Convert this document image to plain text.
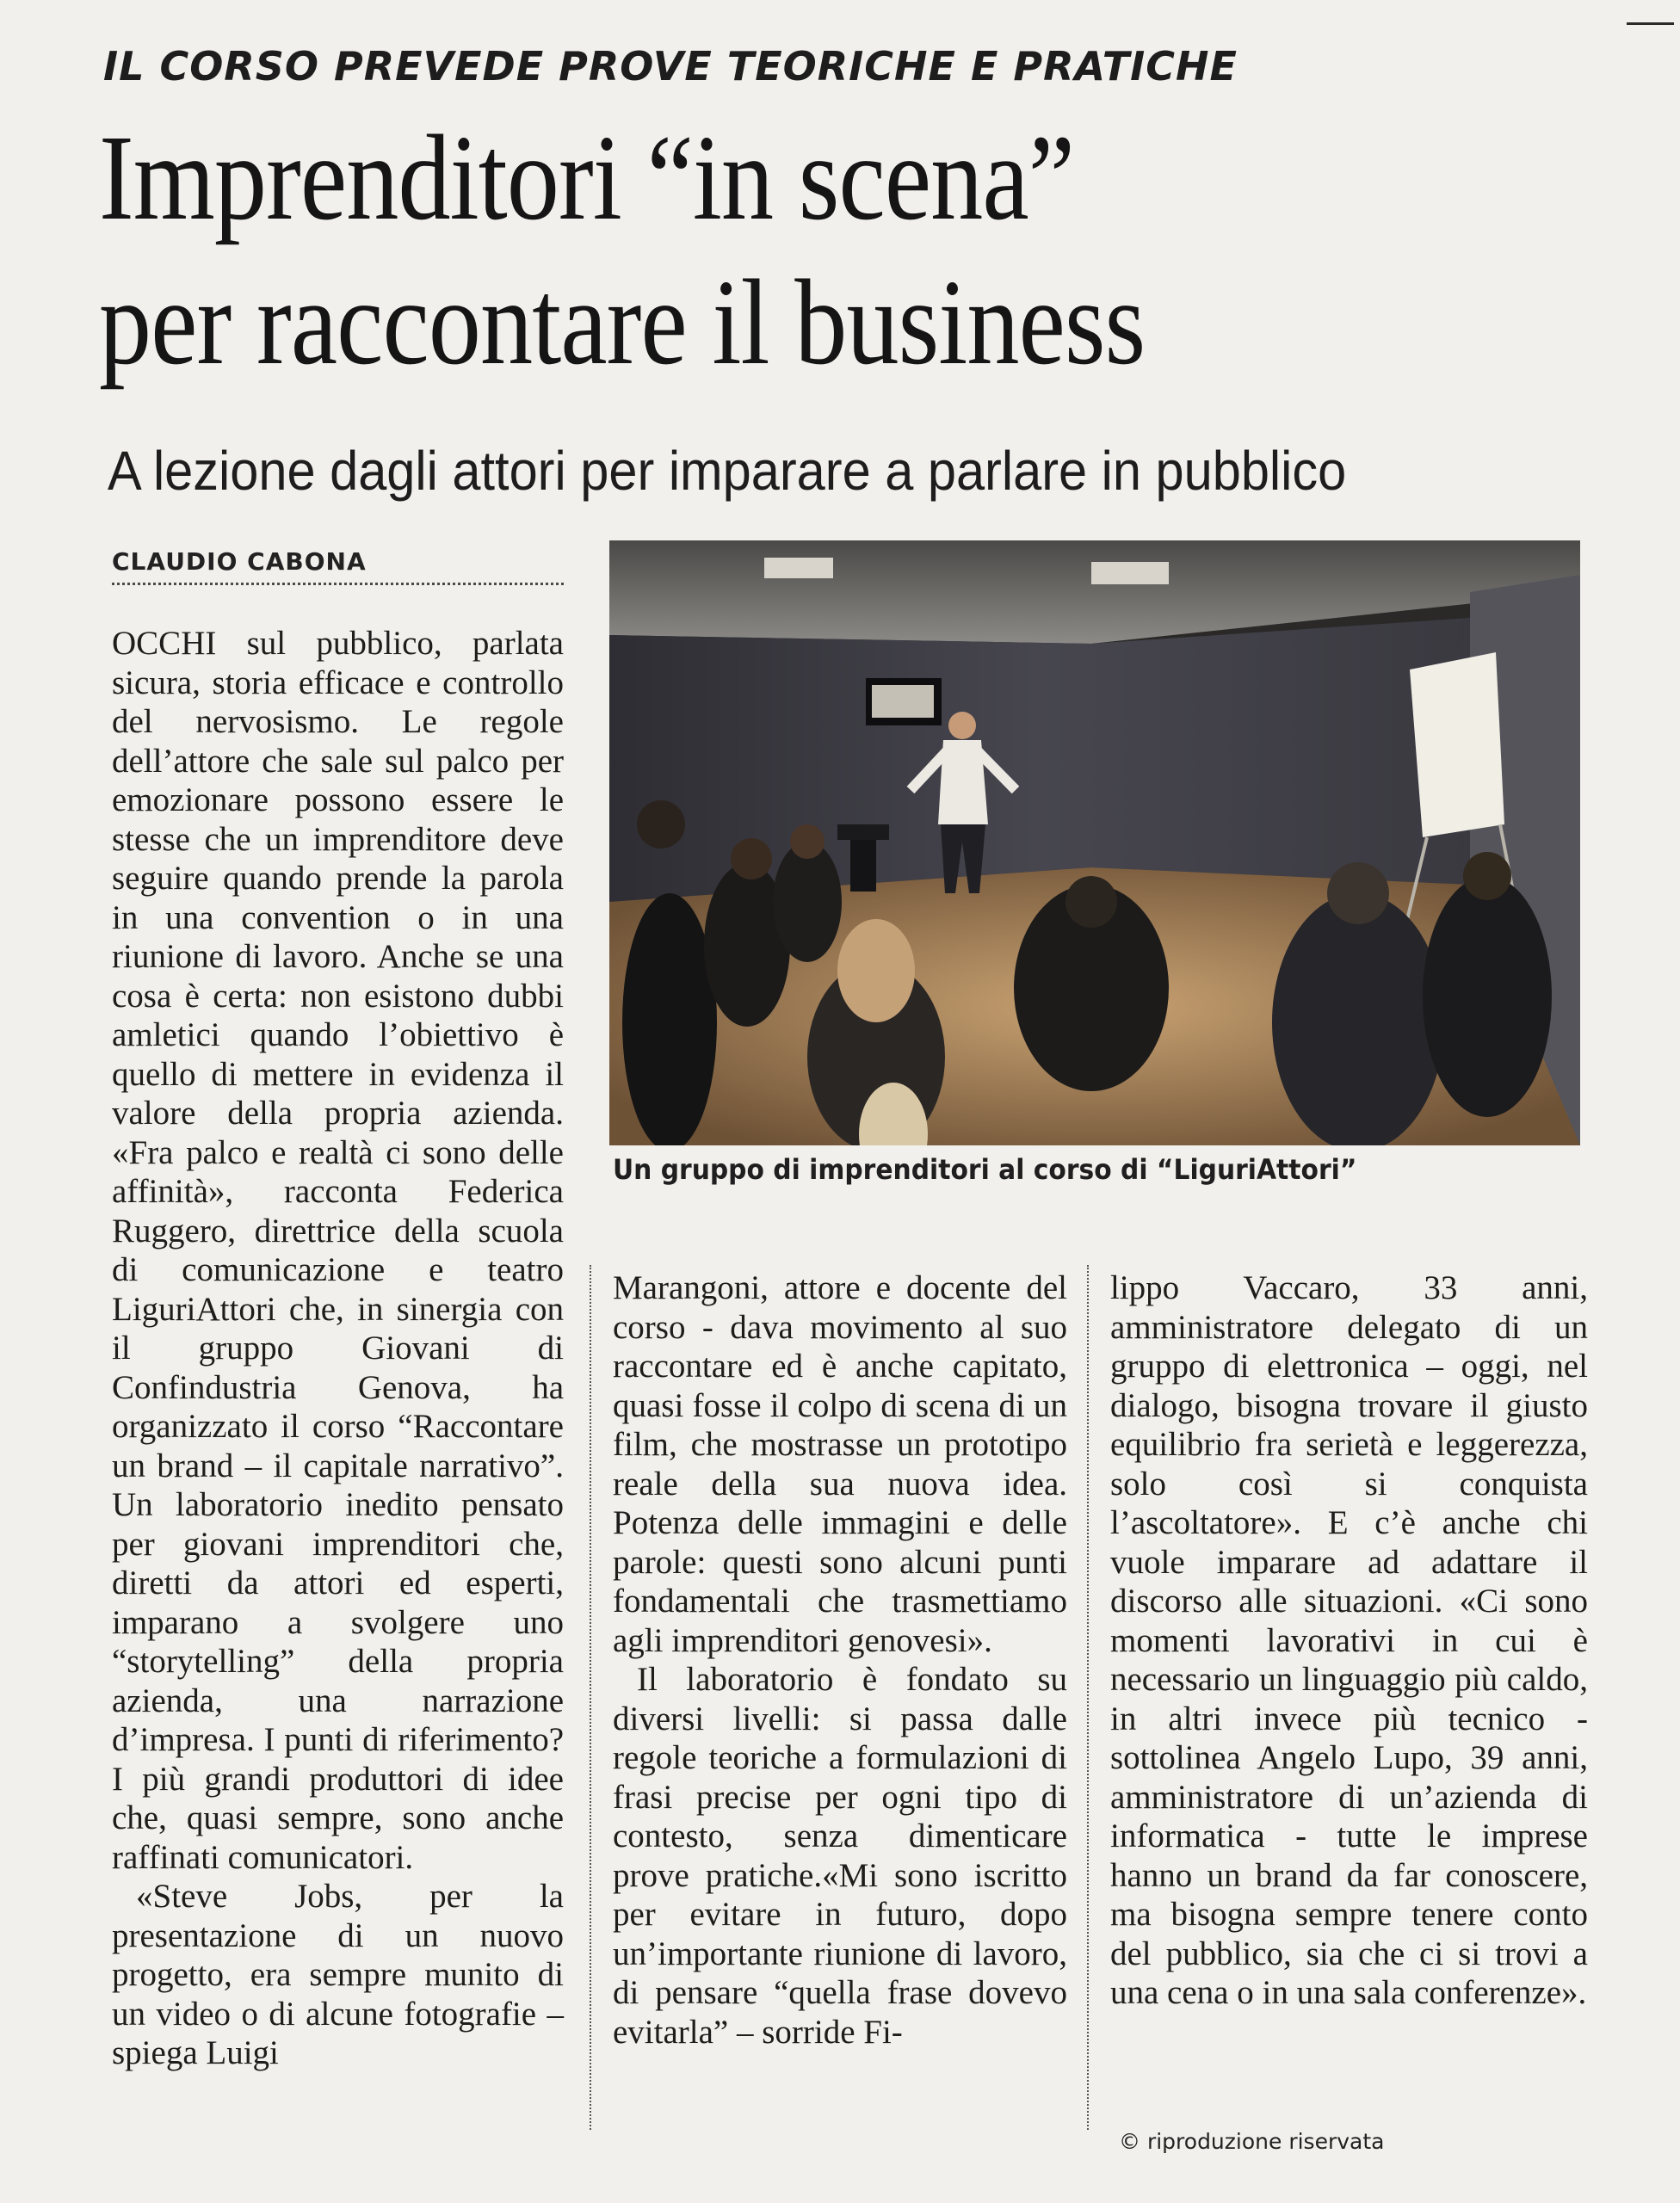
IL CORSO PREVEDE PROVE TEORICHE E PRATICHE

Imprenditori “in scena”
per raccontare il business
A lezione dagli attori per imparare a parlare in pubblico
CLAUDIO CABONA

Un gruppo di imprenditori al corso di “LiguriAttori”

OCCHI sul pubblico, parlata sicura, storia efficace e controllo del nervosismo. Le regole dell’attore che sale sul palco per emozionare possono essere le stesse che un imprenditore deve seguire quando prende la parola in una convention o in una riunione di lavoro. Anche se una cosa è certa: non esistono dubbi amletici quando l’obiettivo è quello di mettere in evidenza il valore della propria azienda. «Fra palco e realtà ci sono delle affinità», racconta Federica Ruggero, direttrice della scuola di comunicazione e teatro LiguriAttori che, in sinergia con il gruppo Giovani di Confindustria Genova, ha organizzato il corso “Raccontare un brand – il capitale narrativo”. Un laboratorio inedito pensato per giovani imprenditori che, diretti da attori ed esperti, imparano a svolgere uno “storytelling” della propria azienda, una narrazione d’impresa. I punti di riferimento? I più grandi produttori di idee che, quasi sempre, sono anche raffinati comunicatori.

«Steve Jobs, per la presentazione di un nuovo progetto, era sempre munito di un video o di alcune fotografie – spiega Luigi

Marangoni, attore e docente del corso - dava movimento al suo raccontare ed è anche capitato, quasi fosse il colpo di scena di un film, che mostrasse un prototipo reale della sua nuova idea. Potenza delle immagini e delle parole: questi sono alcuni punti fondamentali che trasmettiamo agli imprenditori genovesi».

Il laboratorio è fondato su diversi livelli: si passa dalle regole teoriche a formulazioni di frasi precise per ogni tipo di contesto, senza dimenticare prove pratiche.«Mi sono iscritto per evitare in futuro, dopo un’importante riunione di lavoro, di pensare “quella frase dovevo evitarla” – sorride Fi-

lippo Vaccaro, 33 anni, amministratore delegato di un gruppo di elettronica – oggi, nel dialogo, bisogna trovare il giusto equilibrio fra serietà e leggerezza, solo così si conquista l’ascoltatore». E c’è anche chi vuole imparare ad adattare il discorso alle situazioni. «Ci sono momenti lavorativi in cui è necessario un linguaggio più caldo, in altri invece più tecnico - sottolinea Angelo Lupo, 39 anni, amministratore di un’azienda di informatica - tutte le imprese hanno un brand da far conoscere, ma bisogna sempre tenere conto del pubblico, sia che ci si trovi a una cena o in una sala conferenze».

© riproduzione riservata
